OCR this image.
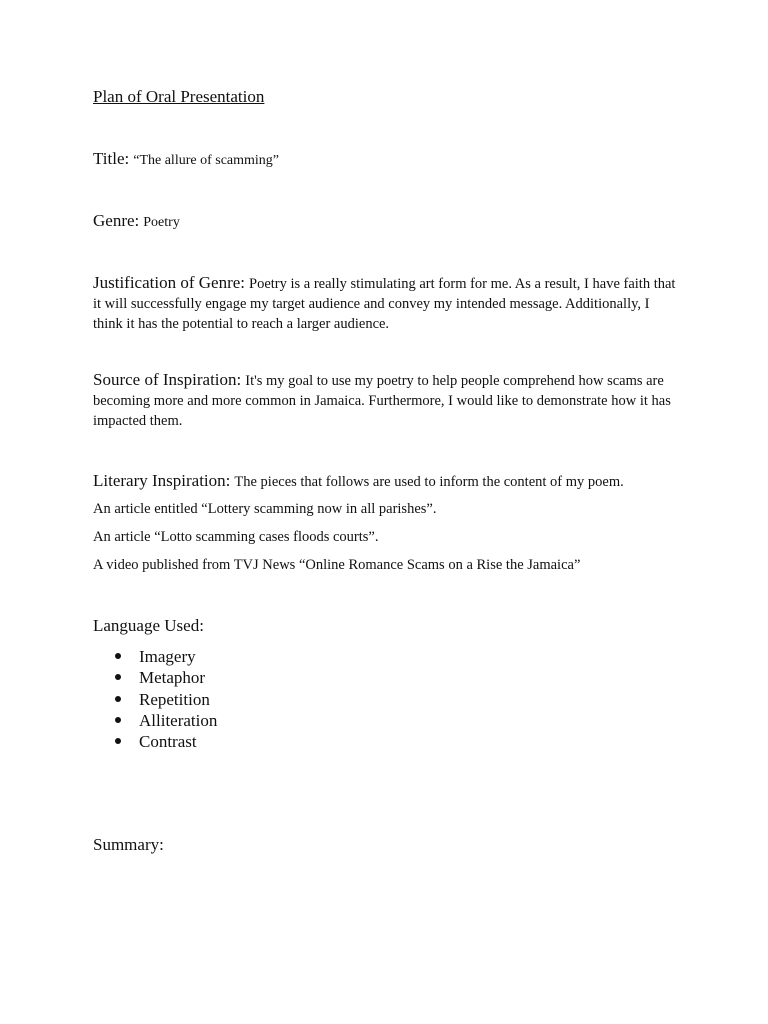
Plan of Oral Presentation
Title: “The allure of scamming”
Genre: Poetry
Justification of Genre: Poetry is a really stimulating art form for me. As a result, I have faith that it will successfully engage my target audience and convey my intended message. Additionally, I think it has the potential to reach a larger audience.
Source of Inspiration: It's my goal to use my poetry to help people comprehend how scams are becoming more and more common in Jamaica. Furthermore, I would like to demonstrate how it has impacted them.
Literary Inspiration: The pieces that follows are used to inform the content of my poem.
An article entitled “Lottery scamming now in all parishes”.
An article “Lotto scamming cases floods courts”.
A video published from TVJ News “Online Romance Scams on a Rise the Jamaica”
Language Used:
Imagery
Metaphor
Repetition
Alliteration
Contrast
Summary:
